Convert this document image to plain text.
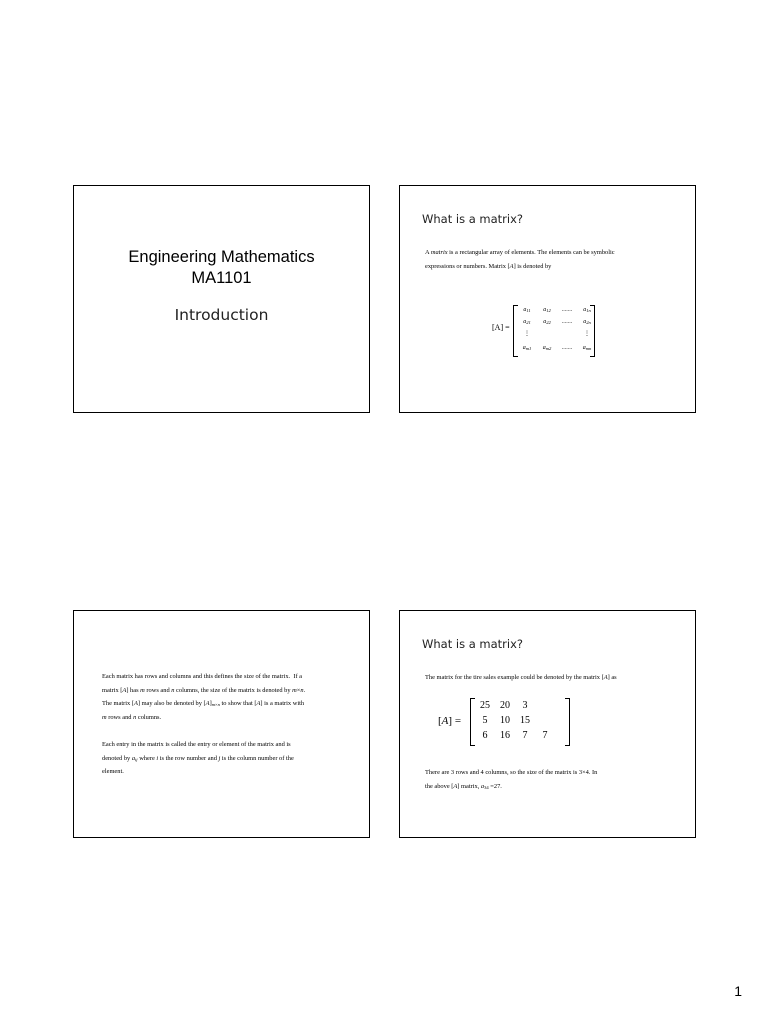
Engineering Mathematics
MA1101
Introduction
What is a matrix?
A matrix is a rectangular array of elements. The elements can be symbolic
expressions or numbers. Matrix [A] is denoted by
[A] =
$a_{11}$	$a_{12}$	.......	$a_{1n}$
$a_{21}$	$a_{22}$	.......	$a_{2n}$
⋮	⋮
$a_{m1}$	$a_{m2}$	.......	$a_{mn}$
Each matrix has rows and columns and this defines the size of the matrix.  If a
matrix [A] has m rows and n columns, the size of the matrix is denoted by m×n.
The matrix [A] may also be denoted by $[A]_{m\times n}$ to show that [A] is a matrix with
m rows and n columns.
Each entry in the matrix is called the entry or element of the matrix and is
denoted by $a_{ij}$ where i is the row number and j is the column number of the
element.
What is a matrix?
The matrix for the tire sales example could be denoted by the matrix [A] as
[A] =
25	20	3
5	10	15
6	16	7	7
There are 3 rows and 4 columns, so the size of the matrix is 3×4. In
the above [A] matrix, $a_{34} =27$.
1
